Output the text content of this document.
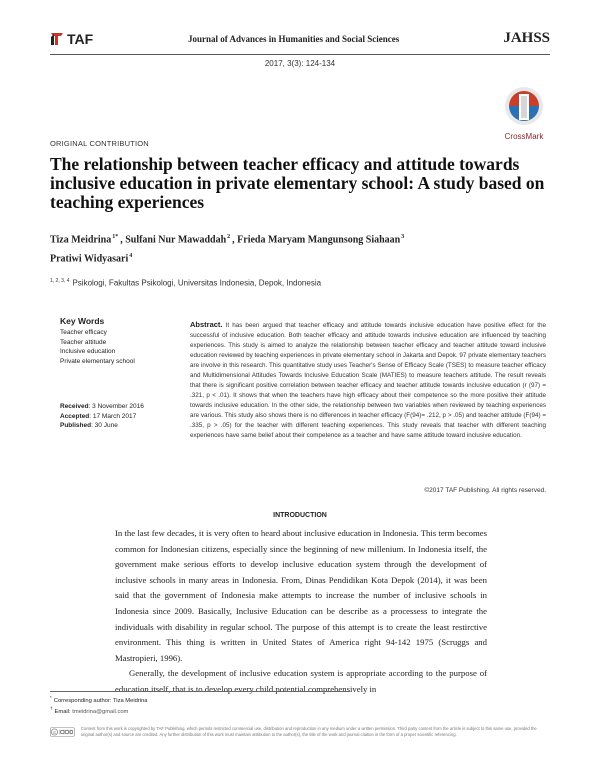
TAF	Journal of Advances in Humanities and Social Sciences	JAHSS
2017, 3(3): 124-134
CrossMark
ORIGINAL CONTRIBUTION
The relationship between teacher efficacy and attitude towards inclusive education in private elementary school: A study based on teaching experiences
Tiza Meidrina$^{1*}$ , Sulfani Nur Mawaddah$^2$ , Frieda Maryam Mangunsong Siahaan$^3$
Pratiwi Widyasari$^4$
$^{1, 2, 3, 4}$ Psikologi, Fakultas Psikologi, Universitas Indonesia, Depok, Indonesia
Key Words
Teacher efficacy
Teacher attitude
Inclusive education
Private elementary school
Received: 3 November 2016
Accepted: 17 March 2017
Published: 30 June
Abstract. It has been argued that teacher efficacy and attitude towards inclusive education have positive effect for the successful of inclusive education. Both teacher efficacy and attitude towards inclusive education are influenced by teaching experiences. This study is aimed to analyze the relationship between teacher efficacy and teacher attitude toward inclusive education reviewed by teaching experiences in private elementary school in Jakarta and Depok. 97 private elementary teachers are involve in this research. This quantitative study uses Teacher's Sense of Efficacy Scale (TSES) to measure teacher efficacy and Multidimensional Attitudes Towards Inclusive Education Scale (MATIES) to measure teachers attitude. The result reveals that there is significant positive correlation between teacher efficacy and teacher attitude towards inclusive education (r (97) = .321, p < .01). It shows that when the teachers have high efficacy about their competence so the more positive their attitude towards inclusive education. In the other side, the relationship between two variables when reviewed by teaching experiences are various. This study also shows there is no differences in teacher efficacy (F(94)= .212, p > .05) and teacher attitude (F(94) = .335, p > .05) for the teacher with different teaching experiences. This study reveals that teacher with different teaching experiences have same belief about their competence as a teacher and have same attitude toward inclusive education.
©2017 TAF Publishing. All rights reserved.
INTRODUCTION

In the last few decades, it is very often to heard about inclusive education in Indonesia. This term becomes common for Indonesian citizens, especially since the beginning of new millenium. In Indonesia itself, the government make serious efforts to develop inclusive education system through the development of inclusive schools in many areas in Indonesia. From, Dinas Pendidikan Kota Depok (2014), it was been said that the government of Indonesia make attempts to increase the number of inclusive schools in Indonesia since 2009. Basically, Inclusive Education can be describe as a processess to integrate the individuals with disability in regular school. The purpose of this attempt is to create the least restirctive environment. This thing is written in United States of America right 94-142 1975 (Scruggs and Mastropieri, 1996).

Generally, the development of inclusive education system is appropriate according to the purpose of education itself, that is to develop every child potential comprehensively in

*Corresponding author: Tiza Meidrina
†Email: tmeidrina@gmail.com
cc
Content from this work is copyrighted by TAF Publishing, which permits restricted commercial use, distribution and reproduction in any medium under a written permission. Third party content from the article is subject to this same use, provided the original author(s) and source are credited. Any further distribution of this work must maintain attribution to the author(s), the title of the work and journal citation in the form of a proper scientific referencing.
